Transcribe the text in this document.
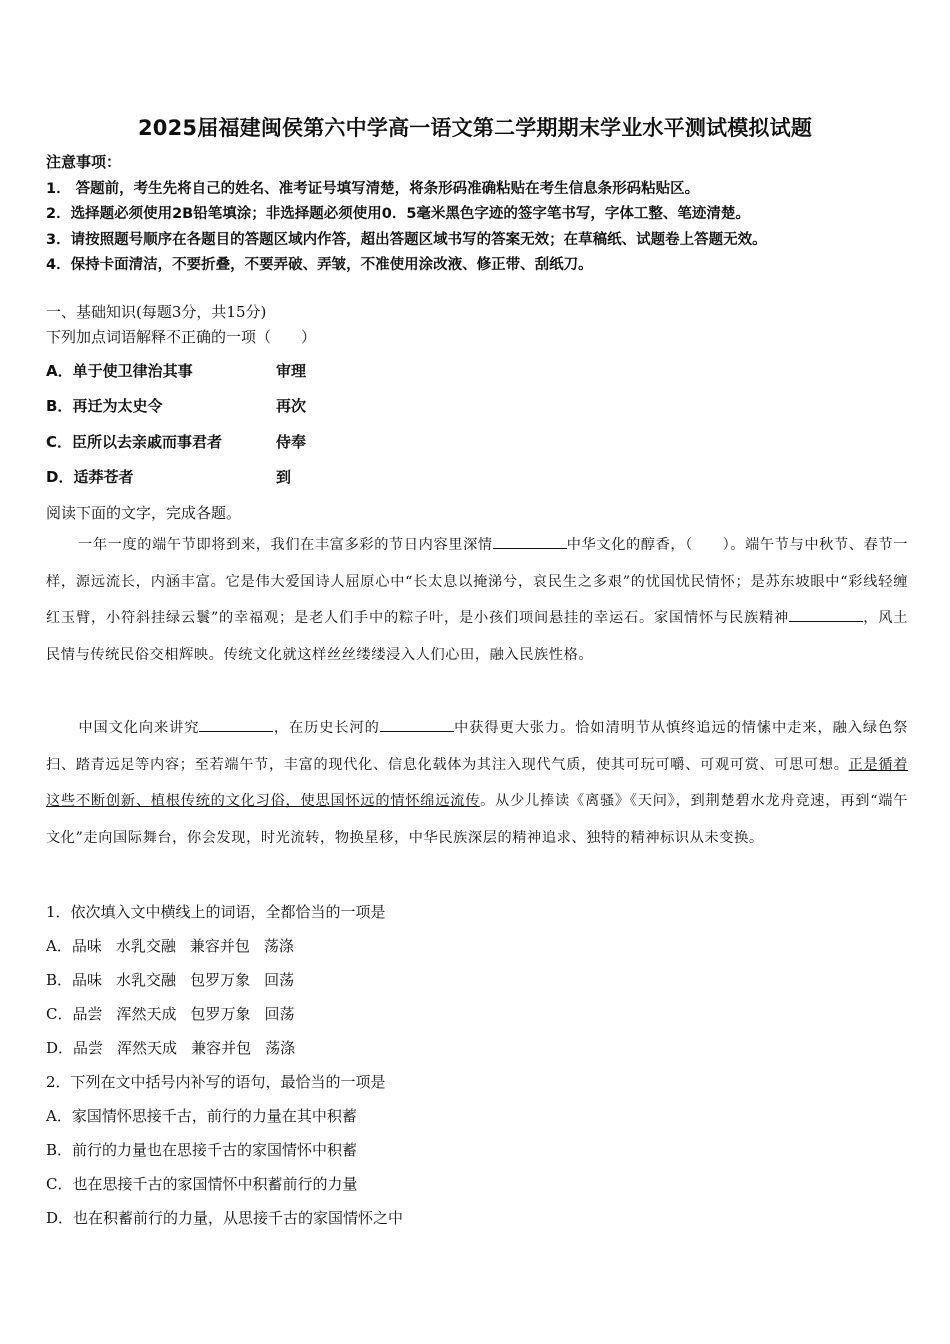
2025届福建闽侯第六中学高一语文第二学期期末学业水平测试模拟试题
注意事项：
1． 答题前，考生先将自己的姓名、准考证号填写清楚，将条形码准确粘贴在考生信息条形码粘贴区。
2．选择题必须使用2B铅笔填涂；非选择题必须使用0．5毫米黑色字迹的签字笔书写，字体工整、笔迹清楚。
3．请按照题号顺序在各题目的答题区域内作答，超出答题区域书写的答案无效；在草稿纸、试题卷上答题无效。
4．保持卡面清洁，不要折叠，不要弄破、弄皱，不准使用涂改液、修正带、刮纸刀。
一、基础知识(每题3分，共15分)
下列加点词语解释不正确的一项（　　）
A．单于使卫律治其事	审理
B．再迁为太史令	再次
C．臣所以去亲戚而事君者	侍奉
D．适莽苍者	到
阅读下面的文字，完成各题。
一年一度的端午节即将到来，我们在丰富多彩的节日内容里深情	中华文化的醇香，（　　）。端午节与中秋节、春节一样，源远流长，内涵丰富。它是伟大爱国诗人屈原心中“长太息以掩涕兮，哀民生之多艰”的忧国忧民情怀；是苏东坡眼中“彩线轻缠红玉臂，小符斜挂绿云鬟”的幸福观；是老人们手中的粽子叶，是小孩们项间悬挂的幸运石。家国情怀与民族精神	，风土民情与传统民俗交相辉映。传统文化就这样丝丝缕缕浸入人们心田，融入民族性格。
中国文化向来讲究	，在历史长河的	中获得更大张力。恰如清明节从慎终追远的情愫中走来，融入绿色祭扫、踏青远足等内容；至若端午节，丰富的现代化、信息化载体为其注入现代气质，使其可玩可嚼、可观可赏、可思可想。正是循着这些不断创新、植根传统的文化习俗，使思国怀远的情怀绵远流传。从少儿捧读《离骚》《天问》，到荆楚碧水龙舟竞速，再到“端午文化”走向国际舞台，你会发现，时光流转，物换星移，中华民族深层的精神追求、独特的精神标识从未变换。
1．依次填入文中横线上的词语，全都恰当的一项是
A．品味 水乳交融 兼容并包 荡涤
B．品味 水乳交融 包罗万象 回荡
C．品尝 浑然天成 包罗万象 回荡
D．品尝 浑然天成 兼容并包 荡涤
2．下列在文中括号内补写的语句，最恰当的一项是
A．家国情怀思接千古，前行的力量在其中积蓄
B．前行的力量也在思接千古的家国情怀中积蓄
C．也在思接千古的家国情怀中积蓄前行的力量
D．也在积蓄前行的力量，从思接千古的家国情怀之中
